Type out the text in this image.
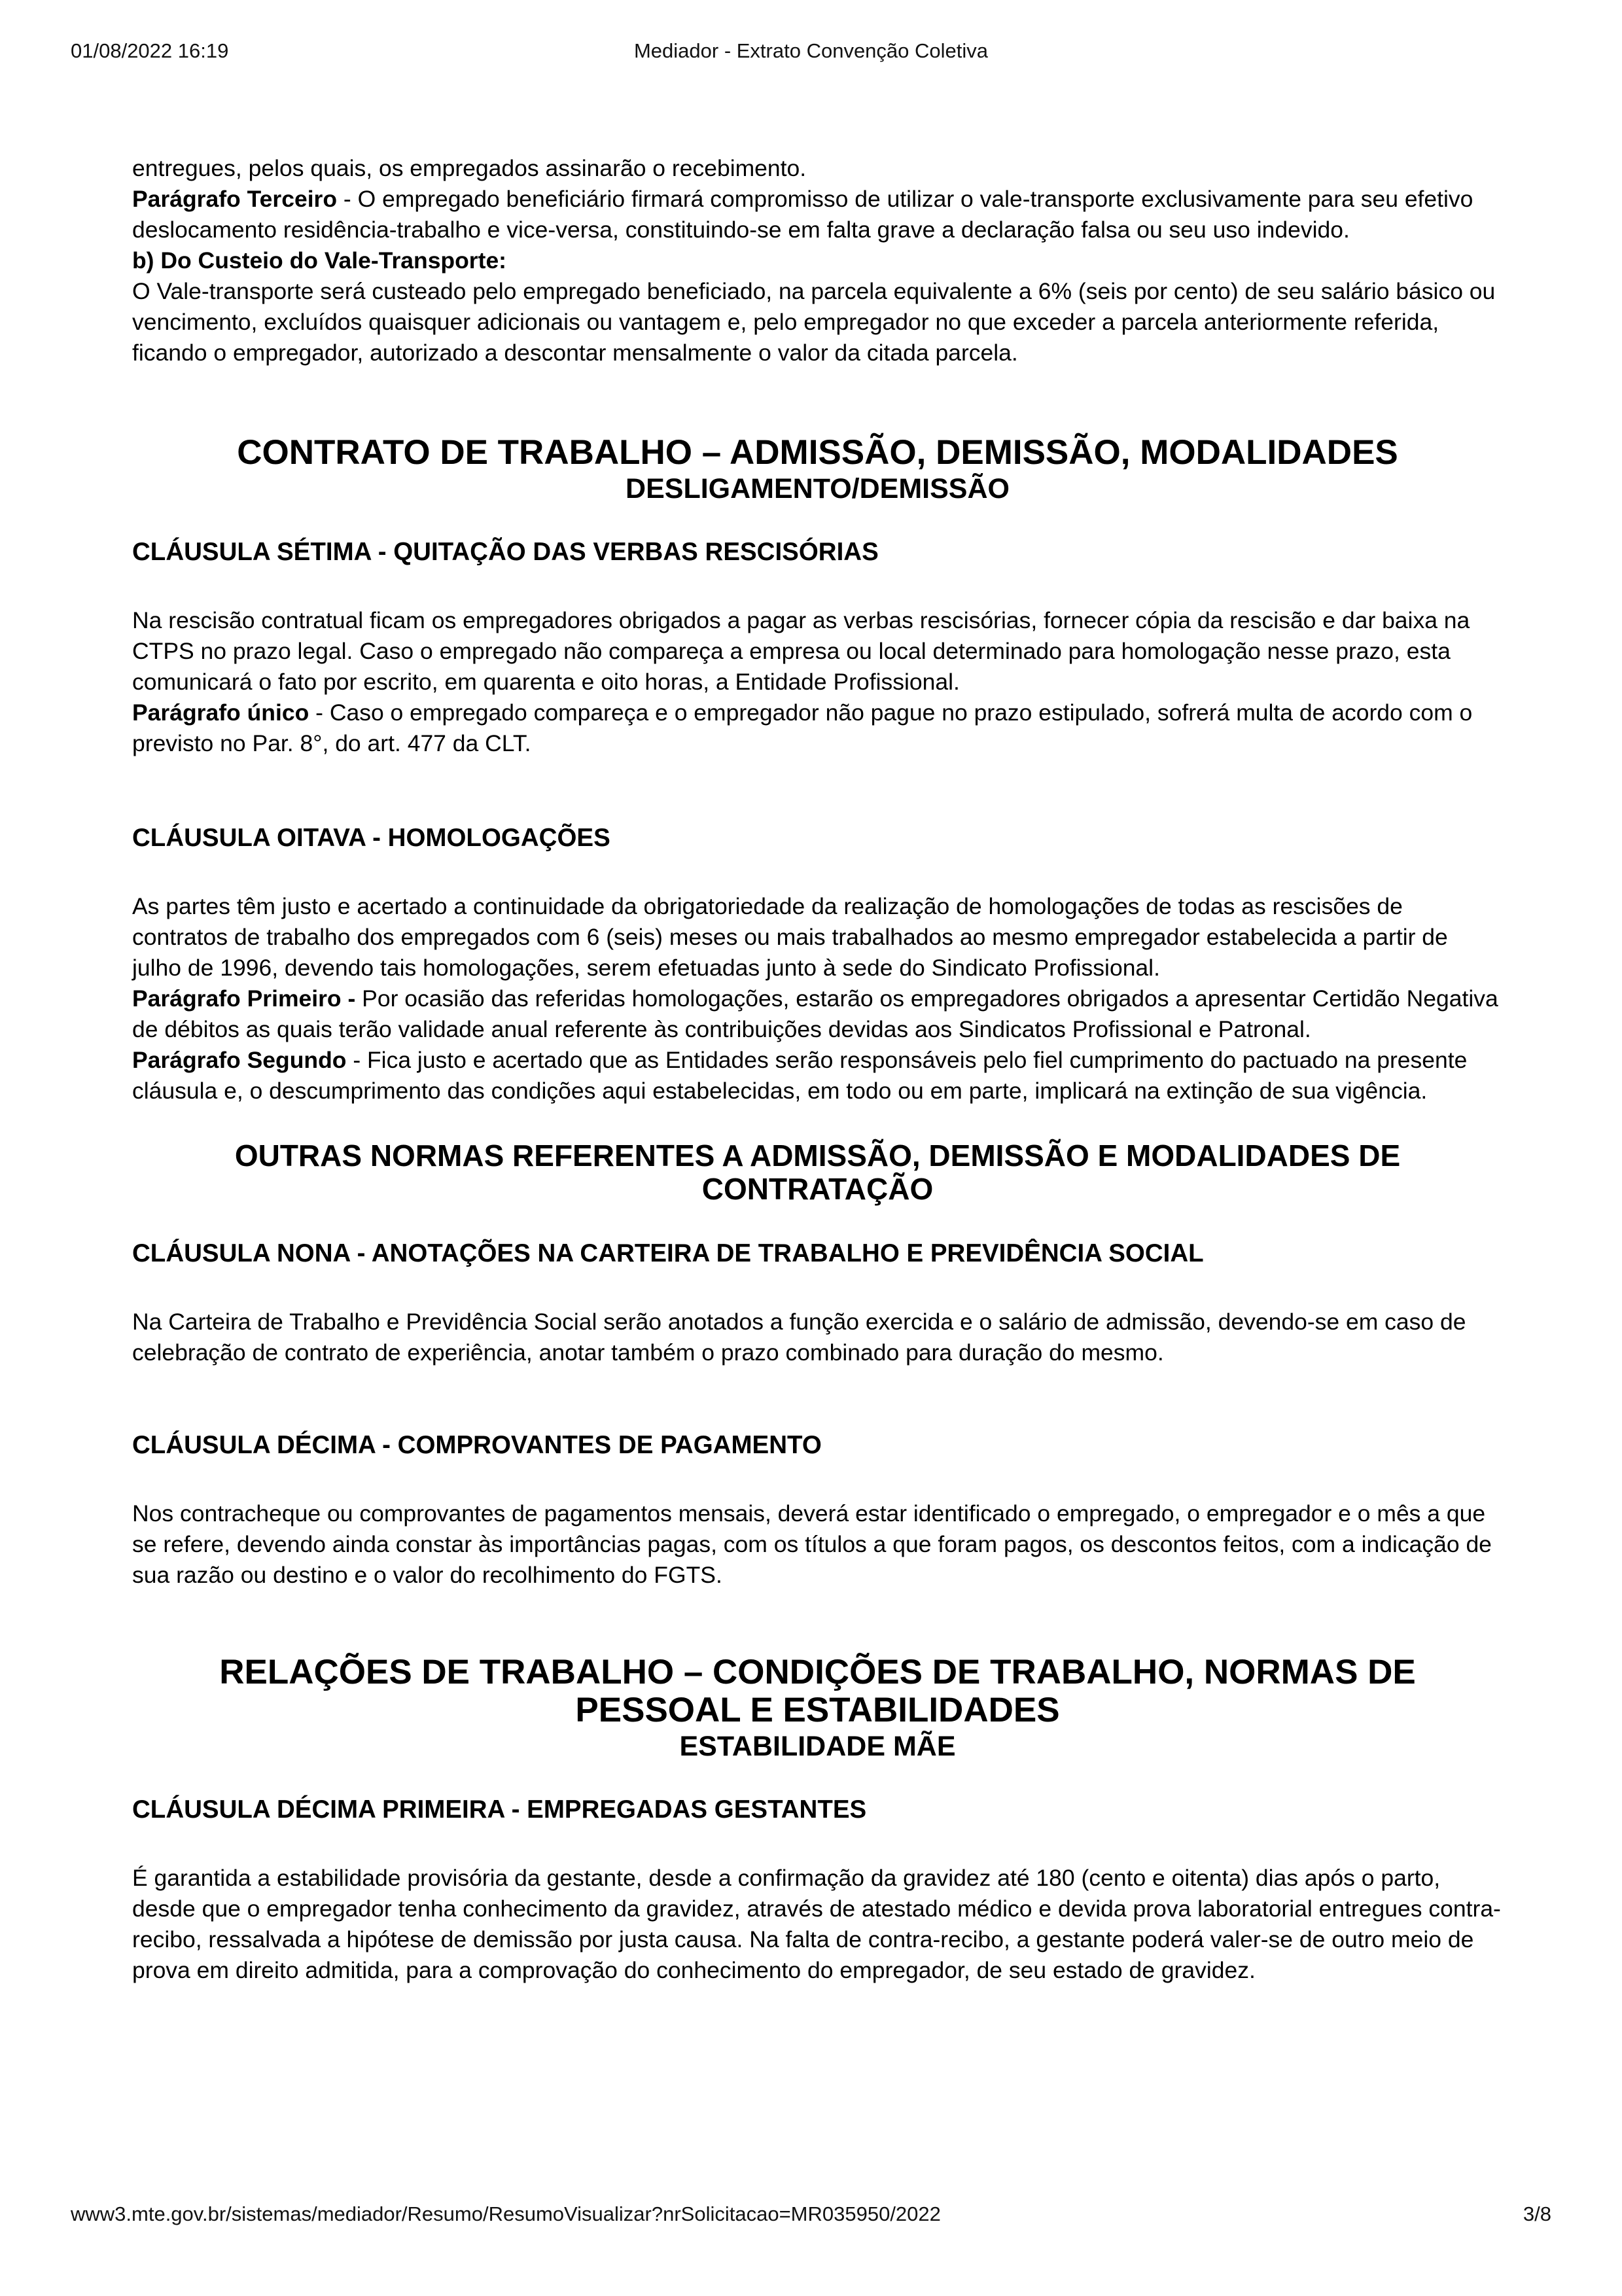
01/08/2022 16:19	Mediador - Extrato Convenção Coletiva

entregues, pelos quais, os empregados assinarão o recebimento.
Parágrafo Terceiro - O empregado beneficiário firmará compromisso de utilizar o vale-transporte exclusivamente para seu efetivo deslocamento residência-trabalho e vice-versa, constituindo-se em falta grave a declaração falsa ou seu uso indevido.
b) Do Custeio do Vale-Transporte:
O Vale-transporte será custeado pelo empregado beneficiado, na parcela equivalente a 6% (seis por cento) de seu salário básico ou vencimento, excluídos quaisquer adicionais ou vantagem e, pelo empregador no que exceder a parcela anteriormente referida, ficando o empregador, autorizado a descontar mensalmente o valor da citada parcela.

CONTRATO DE TRABALHO – ADMISSÃO, DEMISSÃO, MODALIDADES
DESLIGAMENTO/DEMISSÃO
CLÁUSULA SÉTIMA - QUITAÇÃO DAS VERBAS RESCISÓRIAS

Na rescisão contratual ficam os empregadores obrigados a pagar as verbas rescisórias, fornecer cópia da rescisão e dar baixa na CTPS no prazo legal. Caso o empregado não compareça a empresa ou local determinado para homologação nesse prazo, esta comunicará o fato por escrito, em quarenta e oito horas, a Entidade Profissional.
Parágrafo único - Caso o empregado compareça e o empregador não pague no prazo estipulado, sofrerá multa de acordo com o previsto no Par. 8°, do art. 477 da CLT.

CLÁUSULA OITAVA - HOMOLOGAÇÕES

As partes têm justo e acertado a continuidade da obrigatoriedade da realização de homologações de todas as rescisões de contratos de trabalho dos empregados com 6 (seis) meses ou mais trabalhados ao mesmo empregador estabelecida a partir de julho de 1996, devendo tais homologações, serem efetuadas junto à sede do Sindicato Profissional.
Parágrafo Primeiro - Por ocasião das referidas homologações, estarão os empregadores obrigados a apresentar Certidão Negativa de débitos as quais terão validade anual referente às contribuições devidas aos Sindicatos Profissional e Patronal.
Parágrafo Segundo - Fica justo e acertado que as Entidades serão responsáveis pelo fiel cumprimento do pactuado na presente cláusula e, o descumprimento das condições aqui estabelecidas, em todo ou em parte, implicará na extinção de sua vigência.

OUTRAS NORMAS REFERENTES A ADMISSÃO, DEMISSÃO E MODALIDADES DE
CONTRATAÇÃO
CLÁUSULA NONA - ANOTAÇÕES NA CARTEIRA DE TRABALHO E PREVIDÊNCIA SOCIAL

Na Carteira de Trabalho e Previdência Social serão anotados a função exercida e o salário de admissão, devendo-se em caso de celebração de contrato de experiência, anotar também o prazo combinado para duração do mesmo.

CLÁUSULA DÉCIMA - COMPROVANTES DE PAGAMENTO

Nos contracheque ou comprovantes de pagamentos mensais, deverá estar identificado o empregado, o empregador e o mês a que se refere, devendo ainda constar às importâncias pagas, com os títulos a que foram pagos, os descontos feitos, com a indicação de sua razão ou destino e o valor do recolhimento do FGTS.

RELAÇÕES DE TRABALHO – CONDIÇÕES DE TRABALHO, NORMAS DE
PESSOAL E ESTABILIDADES
ESTABILIDADE MÃE
CLÁUSULA DÉCIMA PRIMEIRA - EMPREGADAS GESTANTES

É garantida a estabilidade provisória da gestante, desde a confirmação da gravidez até 180 (cento e oitenta) dias após o parto, desde que o empregador tenha conhecimento da gravidez, através de atestado médico e devida prova laboratorial entregues contra-recibo, ressalvada a hipótese de demissão por justa causa. Na falta de contra-recibo, a gestante poderá valer-se de outro meio de prova em direito admitida, para a comprovação do conhecimento do empregador, de seu estado de gravidez.

www3.mte.gov.br/sistemas/mediador/Resumo/ResumoVisualizar?nrSolicitacao=MR035950/2022	3/8
